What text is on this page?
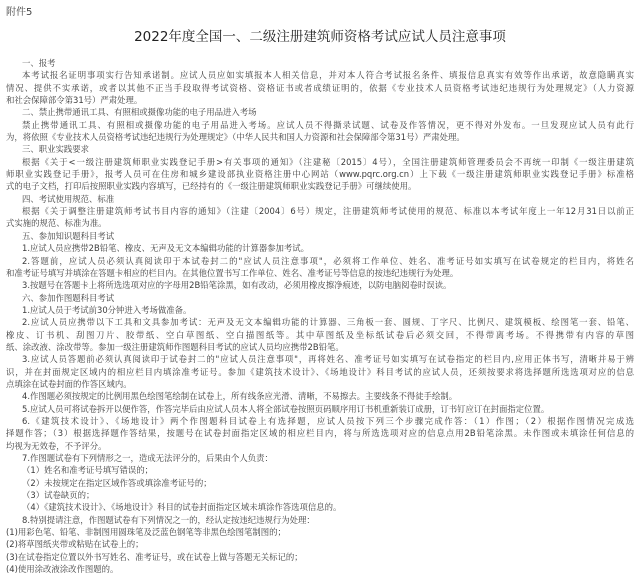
附件5
2022年度全国一、二级注册建筑师资格考试应试人员注意事项
一、报考
本考试报名证明事项实行告知承诺制。应试人员应如实填报本人相关信息，并对本人符合考试报名条件、填报信息真实有效等作出承诺，故意隐瞒真实
情况、提供不实承诺，或者以其他不正当手段取得考试资格、资格证书或者成绩证明的，依据《专业技术人员资格考试违纪违规行为处理规定》（人力资源
和社会保障部令第31号）严肃处理。
二、禁止携带通讯工具、有照相或摄像功能的电子用品进入考场
禁止携带通讯工具、有照相或摄像功能的电子用品进入考场。应试人员不得撕录试题、试卷及作答情况，更不得对外发布。一旦发现应试人员有此行
为，将依照《专业技术人员资格考试违纪违规行为处理规定》（中华人民共和国人力资源和社会保障部令第31号）严肃处理。
三、职业实践要求
根据《关于<一级注册建筑师职业实践登记手册>有关事项的通知》（注建秘〔2015〕4号），全国注册建筑师管理委员会不再统一印制《一级注册建筑
师职业实践登记手册》，报考人员可在住房和城乡建设部执业资格注册中心网站（www.pqrc.org.cn）上下载《一级注册建筑师职业实践登记手册》标准格
式的电子文档，打印后按照职业实践内容填写，已经持有的《一级注册建筑师职业实践登记手册》可继续使用。
四、考试使用规范、标准
根据《关于调整注册建筑师考试书目内容的通知》（注建〔2004〕6号）规定，注册建筑师考试使用的规范、标准以本考试年度上一年12月31日以前正
式实施的规范、标准为准。
五、参加知识题科目考试
1.应试人员应携带2B铅笔、橡皮、无声及无文本编辑功能的计算器参加考试。
2.答题前，应试人员必须认真阅读印于本试卷封二的"应试人员注意事项"，必须将工作单位、姓名、准考证号如实填写在试卷规定的栏目内，将姓名
和准考证号填写并填涂在答题卡相应的栏目内。在其他位置书写工作单位、姓名、准考证号等信息的按违纪违规行为处理。
3.按题号在答题卡上将所选选项对应的字母用2B铅笔涂黑，如有改动，必须用橡皮擦净痕迹，以防电脑阅卷时误读。
六、参加作图题科目考试
1.应试人员于考试前30分钟进入考场做准备。
2.应试人员应携带以下工具和文具参加考试：无声及无文本编辑功能的计算器、三角板一套、圆规、丁字尺、比例尺、建筑模板、绘图笔一套、铅笔、
橡皮、订书机、刮图刀片、胶带纸、空白草图纸、空白描图纸等。其中草图纸及坐标纸试卷后必须交回，不得带离考场。不得携带有内容的草图
纸、涂改液、涂改带等。参加一级注册建筑师作图题科目考试的应试人员均应携带2B铅笔。
3.应试人员答题前必须认真阅读印于试卷封二的"应试人员注意事项"，再将姓名、准考证号如实填写在试卷指定的栏目内,应用正体书写，清晰并易于辨
识，并在封面规定区域内的相应栏目内填涂准考证号。参加《建筑技术设计》、《场地设计》科目考试的应试人员，还须按要求将选择题所选选项对应的信息
点填涂在试卷封面的作答区域内。
4.作图题必须按规定的比例用黑色绘图笔绘制在试卷上，所有线条应光滑、清晰，不易擦去。主要线条不得徒手绘制。
5.应试人员可将试卷拆开以便作答，作答完毕后由应试人员本人将全部试卷按照页码顺序用订书机重新装订成册，订书钉应订在封面指定位置。
6.《建筑技术设计》、《场地设计》两个作图题科目试卷上有选择题，应试人员按下列三个步骤完成作答：（1）作图；（2）根据作图情况完成选
择题作答；（3）根据选择题作答结果，按题号在试卷封面指定区域的相应栏目内，将与所选选项对应的信息点用2B铅笔涂黑。未作图或未填涂任何信息的
均视为无效卷，不予评分。
7.作图题试卷有下列情形之一，造成无法评分的，后果由个人负责：
（1）姓名和准考证号填写错误的；
（2）未按规定在指定区域作答或填涂准考证号的；
（3）试卷缺页的；
（4）《建筑技术设计》、《场地设计》科目的试卷封面指定区域未填涂作答选项信息的。
8.特别提请注意，作图题试卷有下列情况之一的，经认定按违纪违规行为处理：
(1)用彩色笔、铅笔、非制图用圆珠笔及泛蓝色钢笔等非黑色绘图笔制图的；
(2)将草图纸夹带或粘贴在试卷上的；
(3)在试卷指定位置以外书写姓名、准考证号，或在试卷上做与答题无关标记的；
(4)使用涂改液涂改作图题的。
